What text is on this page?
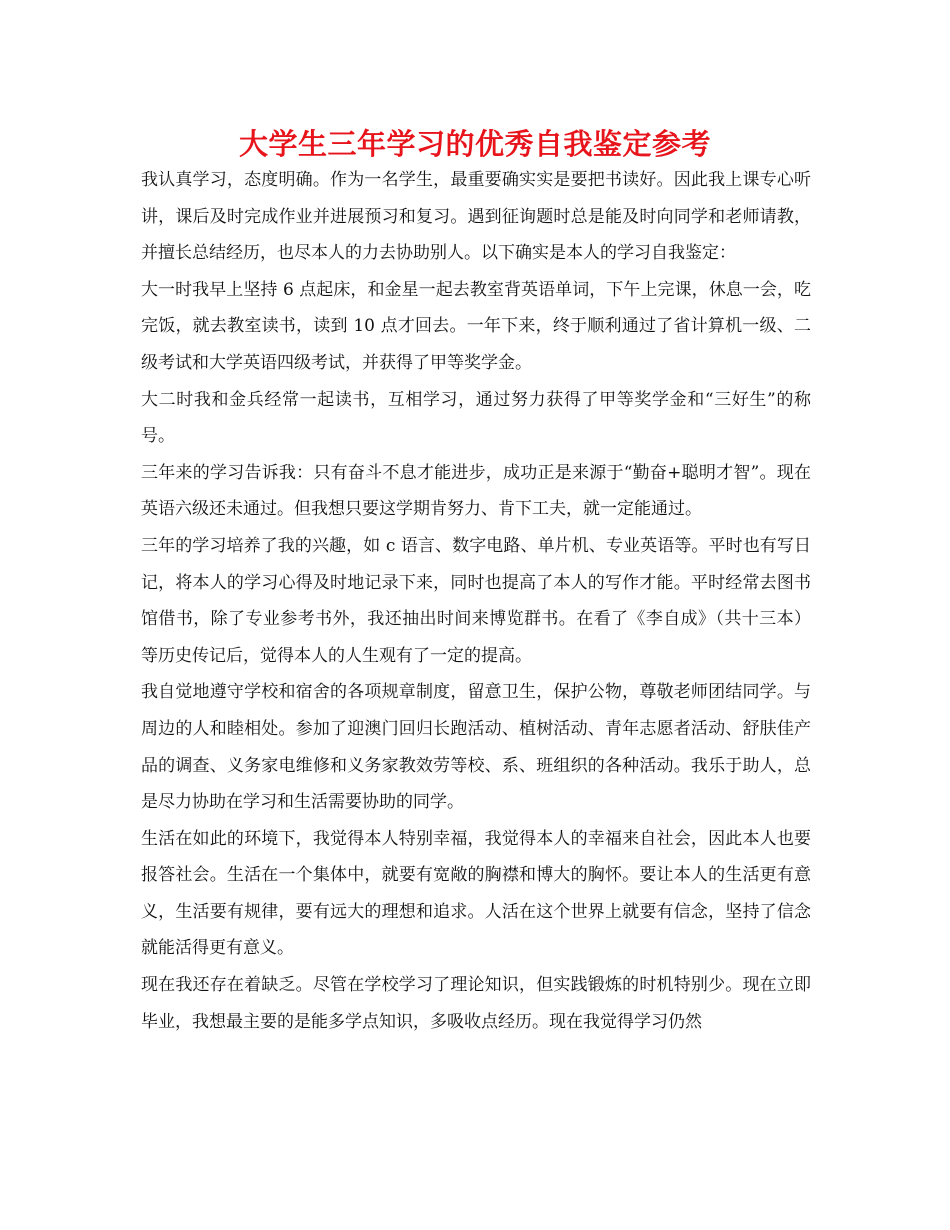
大学生三年学习的优秀自我鉴定参考

我认真学习，态度明确。作为一名学生，最重要确实实是要把书读好。因此我上课专心听讲，课后及时完成作业并进展预习和复习。遇到征询题时总是能及时向同学和老师请教，并擅长总结经历，也尽本人的力去协助别人。以下确实是本人的学习自我鉴定：

大一时我早上坚持 6 点起床，和金星一起去教室背英语单词，下午上完课，休息一会，吃完饭，就去教室读书，读到 10 点才回去。一年下来，终于顺利通过了省计算机一级、二级考试和大学英语四级考试，并获得了甲等奖学金。

大二时我和金兵经常一起读书，互相学习，通过努力获得了甲等奖学金和“三好生”的称号。

三年来的学习告诉我：只有奋斗不息才能进步，成功正是来源于“勤奋+聪明才智”。现在英语六级还未通过。但我想只要这学期肯努力、肯下工夫，就一定能通过。

三年的学习培养了我的兴趣，如 c 语言、数字电路、单片机、专业英语等。平时也有写日记，将本人的学习心得及时地记录下来，同时也提高了本人的写作才能。平时经常去图书馆借书，除了专业参考书外，我还抽出时间来博览群书。在看了《李自成》（共十三本）等历史传记后，觉得本人的人生观有了一定的提高。

我自觉地遵守学校和宿舍的各项规章制度，留意卫生，保护公物，尊敬老师团结同学。与周边的人和睦相处。参加了迎澳门回归长跑活动、植树活动、青年志愿者活动、舒肤佳产品的调查、义务家电维修和义务家教效劳等校、系、班组织的各种活动。我乐于助人，总是尽力协助在学习和生活需要协助的同学。

生活在如此的环境下，我觉得本人特别幸福，我觉得本人的幸福来自社会，因此本人也要报答社会。生活在一个集体中，就要有宽敞的胸襟和博大的胸怀。要让本人的生活更有意义，生活要有规律，要有远大的理想和追求。人活在这个世界上就要有信念，坚持了信念就能活得更有意义。

现在我还存在着缺乏。尽管在学校学习了理论知识，但实践锻炼的时机特别少。现在立即毕业，我想最主要的是能多学点知识，多吸收点经历。现在我觉得学习仍然
